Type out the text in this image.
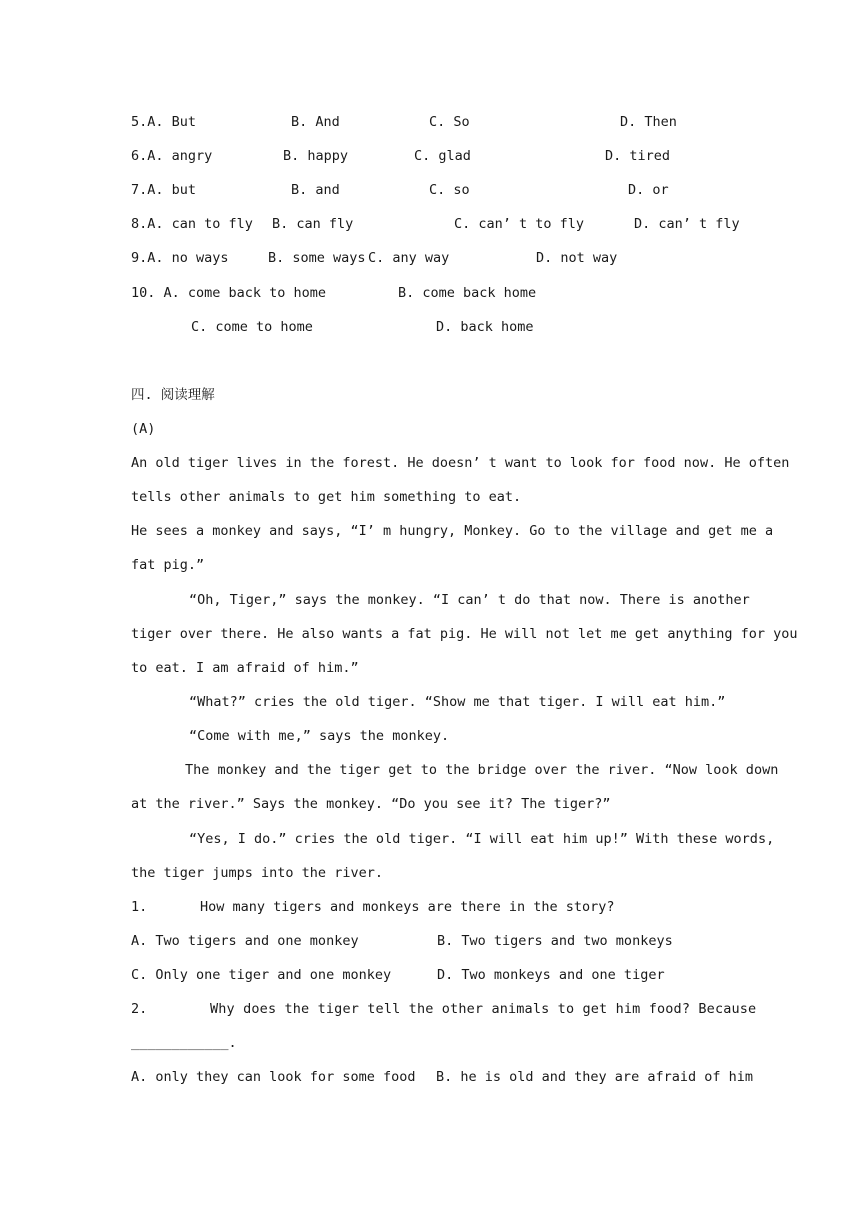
5.A. But	B. And	C. So	D. Then
6.A. angry	B. happy	C. glad	D. tired
7.A. but	B. and	C. so	D. or
8.A. can to fly B. can fly	C. can’ t to fly	D. can’ t fly
9.A. no ways	B. some ways C. any way	D. not way
10. A. come back to home	B. come back home
C. come to home	D. back home
四. 阅读理解
(A)
An old tiger lives in the forest. He doesn’ t want to look for food now. He often
tells other animals to get him something to eat.
He sees a monkey and says, “I’ m hungry, Monkey. Go to the village and get me a
fat pig.”
“Oh, Tiger,” says the monkey. “I can’ t do that now. There is another
tiger over there. He also wants a fat pig. He will not let me get anything for you
to eat. I am afraid of him.”
“What?” cries the old tiger. “Show me that tiger. I will eat him.”
“Come with me,” says the monkey.
The monkey and the tiger get to the bridge over the river. “Now look down
at the river.” Says the monkey. “Do you see it? The tiger?”
“Yes, I do.” cries the old tiger. “I will eat him up!” With these words,
the tiger jumps into the river.
1.	How many tigers and monkeys are there in the story?
A. Two tigers and one monkey	B. Two tigers and two monkeys
C. Only one tiger and one monkey	D. Two monkeys and one tiger
2.	Why does the tiger tell the other animals to get him food? Because
____________.
A. only they can look for some food B. he is old and they are afraid of him
